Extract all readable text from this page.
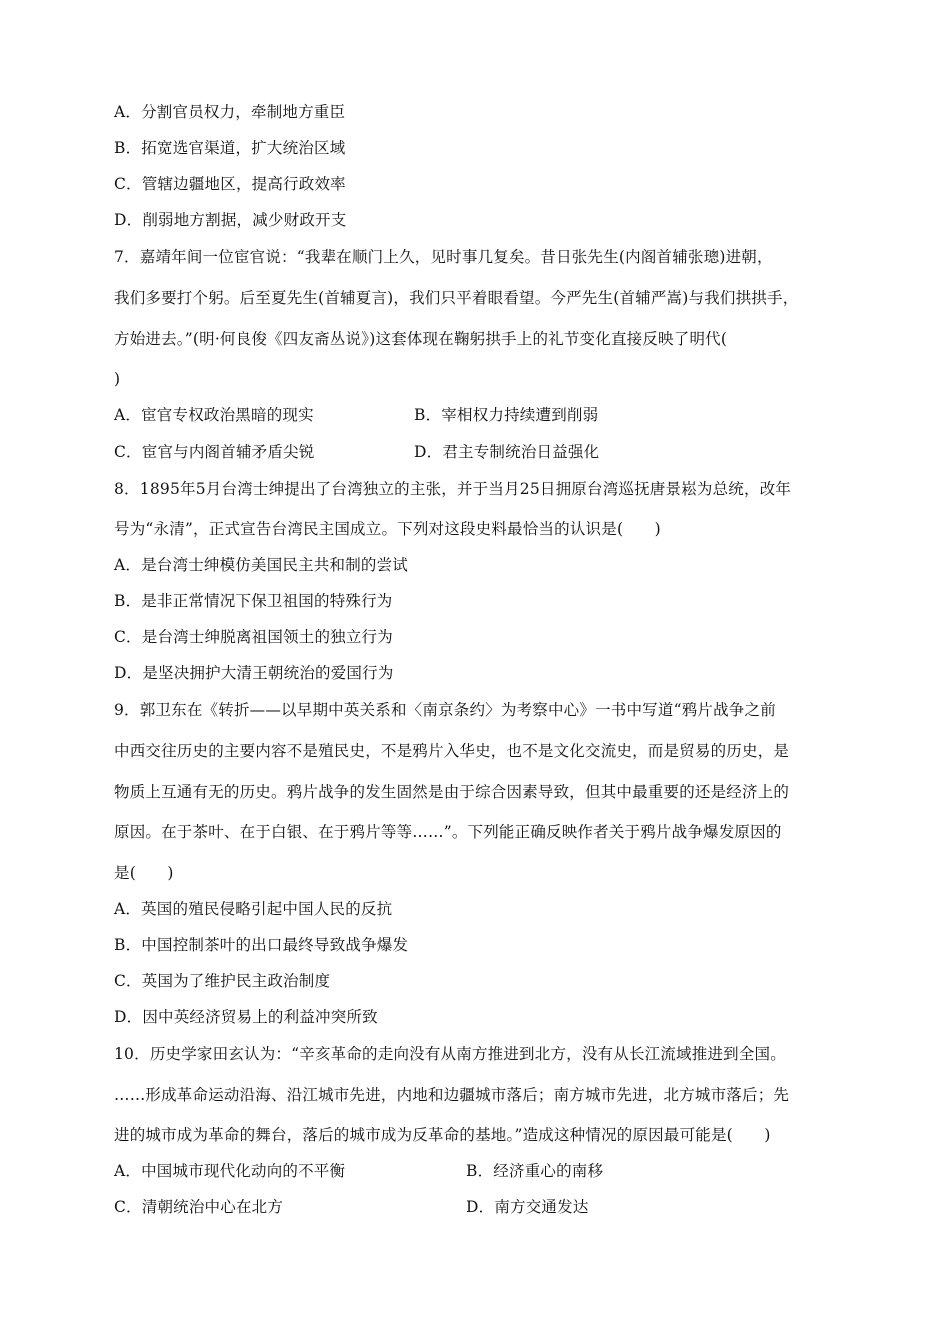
A．分割官员权力，牵制地方重臣
B．拓宽选官渠道，扩大统治区域
C．管辖边疆地区，提高行政效率
D．削弱地方割据，减少财政开支
7．嘉靖年间一位宦官说：“我辈在顺门上久，见时事几复矣。昔日张先生(内阁首辅张璁)进朝，
我们多要打个躬。后至夏先生(首辅夏言)，我们只平着眼看望。今严先生(首辅严嵩)与我们拱拱手，
方始进去。”(明·何良俊《四友斋丛说》)这套体现在鞠躬拱手上的礼节变化直接反映了明代(
)
A．宦官专权政治黑暗的现实	B．宰相权力持续遭到削弱
C．宦官与内阁首辅矛盾尖锐	D．君主专制统治日益强化
8．1895年5月台湾士绅提出了台湾独立的主张，并于当月25日拥原台湾巡抚唐景崧为总统，改年
号为“永清”，正式宣告台湾民主国成立。下列对这段史料最恰当的认识是(　　)
A．是台湾士绅模仿美国民主共和制的尝试
B．是非正常情况下保卫祖国的特殊行为
C．是台湾士绅脱离祖国领土的独立行为
D．是坚决拥护大清王朝统治的爱国行为
9．郭卫东在《转折——以早期中英关系和〈南京条约〉为考察中心》一书中写道“鸦片战争之前
中西交往历史的主要内容不是殖民史，不是鸦片入华史，也不是文化交流史，而是贸易的历史，是
物质上互通有无的历史。鸦片战争的发生固然是由于综合因素导致，但其中最重要的还是经济上的
原因。在于茶叶、在于白银、在于鸦片等等……”。下列能正确反映作者关于鸦片战争爆发原因的
是(　　)
A．英国的殖民侵略引起中国人民的反抗
B．中国控制茶叶的出口最终导致战争爆发
C．英国为了维护民主政治制度
D．因中英经济贸易上的利益冲突所致
10．历史学家田玄认为：“辛亥革命的走向没有从南方推进到北方，没有从长江流域推进到全国。
……形成革命运动沿海、沿江城市先进，内地和边疆城市落后；南方城市先进，北方城市落后；先
进的城市成为革命的舞台，落后的城市成为反革命的基地。”造成这种情况的原因最可能是(　　)
A．中国城市现代化动向的不平衡	B．经济重心的南移
C．清朝统治中心在北方	D．南方交通发达
